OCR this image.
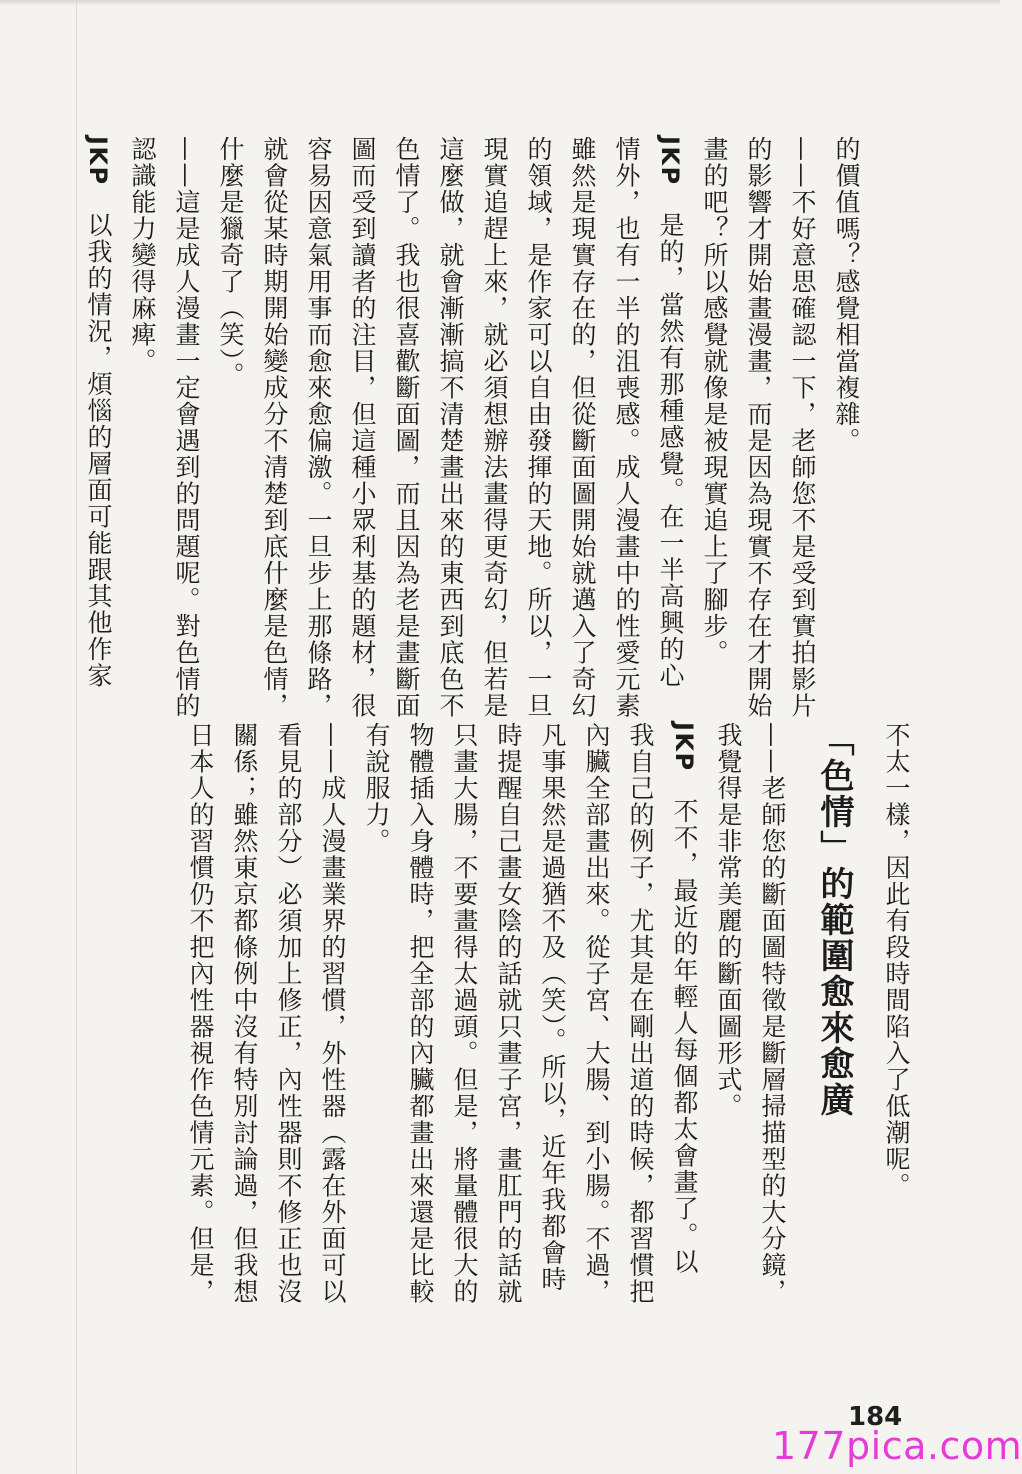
的價值嗎？感覺相當複雜。
——不好意思確認一下，老師您不是受到實拍影片
的影響才開始畫漫畫，而是因為現實不存在才開始
畫的吧？所以感覺就像是被現實追上了腳步。
JKP　是的，當然有那種感覺。在一半高興的心
情外，也有一半的沮喪感。成人漫畫中的性愛元素
雖然是現實存在的，但從斷面圖開始就邁入了奇幻
的領域，是作家可以自由發揮的天地。所以，一旦
現實追趕上來，就必須想辦法畫得更奇幻，但若是
這麼做，就會漸漸搞不清楚畫出來的東西到底色不
色情了。我也很喜歡斷面圖，而且因為老是畫斷面
圖而受到讀者的注目，但這種小眾利基的題材，很
容易因意氣用事而愈來愈偏激。一旦步上那條路，
就會從某時期開始變成分不清楚到底什麼是色情，
什麼是獵奇了（笑）。
——這是成人漫畫一定會遇到的問題呢。對色情的
認識能力變得麻痺。
JKP　以我的情況，煩惱的層面可能跟其他作家
不太一樣，因此有段時間陷入了低潮呢。
「色情」的範圍愈來愈廣
——老師您的斷面圖特徵是斷層掃描型的大分鏡，
我覺得是非常美麗的斷面圖形式。
JKP　不不，最近的年輕人每個都太會畫了。以
我自己的例子，尤其是在剛出道的時候，都習慣把
內臟全部畫出來。從子宮、大腸、到小腸。不過，
凡事果然是過猶不及（笑）。所以，近年我都會時
時提醒自己畫女陰的話就只畫子宮，畫肛門的話就
只畫大腸，不要畫得太過頭。但是，將量體很大的
物體插入身體時，把全部的內臟都畫出來還是比較
有說服力。
——成人漫畫業界的習慣，外性器（露在外面可以
看見的部分）必須加上修正，內性器則不修正也沒
關係；雖然東京都條例中沒有特別討論過，但我想
日本人的習慣仍不把內性器視作色情元素。但是，
184
177pica.com
